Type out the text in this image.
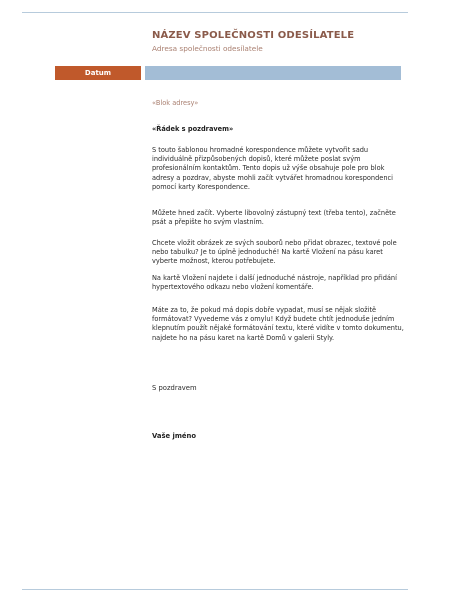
NÁZEV SPOLEČNOSTI ODESÍLATELE
Adresa společnosti odesílatele
Datum
«Blok adresy»
«Řádek s pozdravem»

S touto šablonou hromadné korespondence můžete vytvořit sadu individuálně přizpůsobených dopisů, které můžete poslat svým profesionálním kontaktům. Tento dopis už výše obsahuje pole pro blok adresy a pozdrav, abyste mohli začít vytvářet hromadnou korespondenci pomocí karty Korespondence.

Můžete hned začít. Vyberte libovolný zástupný text (třeba tento), začněte psát a přepište ho svým vlastním.

Chcete vložit obrázek ze svých souborů nebo přidat obrazec, textové pole nebo tabulku? Je to úplně jednoduché! Na kartě Vložení na pásu karet vyberte možnost, kterou potřebujete.

Na kartě Vložení najdete i další jednoduché nástroje, například pro přidání hypertextového odkazu nebo vložení komentáře.

Máte za to, že pokud má dopis dobře vypadat, musí se nějak složitě formátovat? Vyvedeme vás z omylu! Když budete chtít jednoduše jedním klepnutím použít nějaké formátování textu, které vidíte v tomto dokumentu, najdete ho na pásu karet na kartě Domů v galerii Styly.

S pozdravem
Vaše jméno
